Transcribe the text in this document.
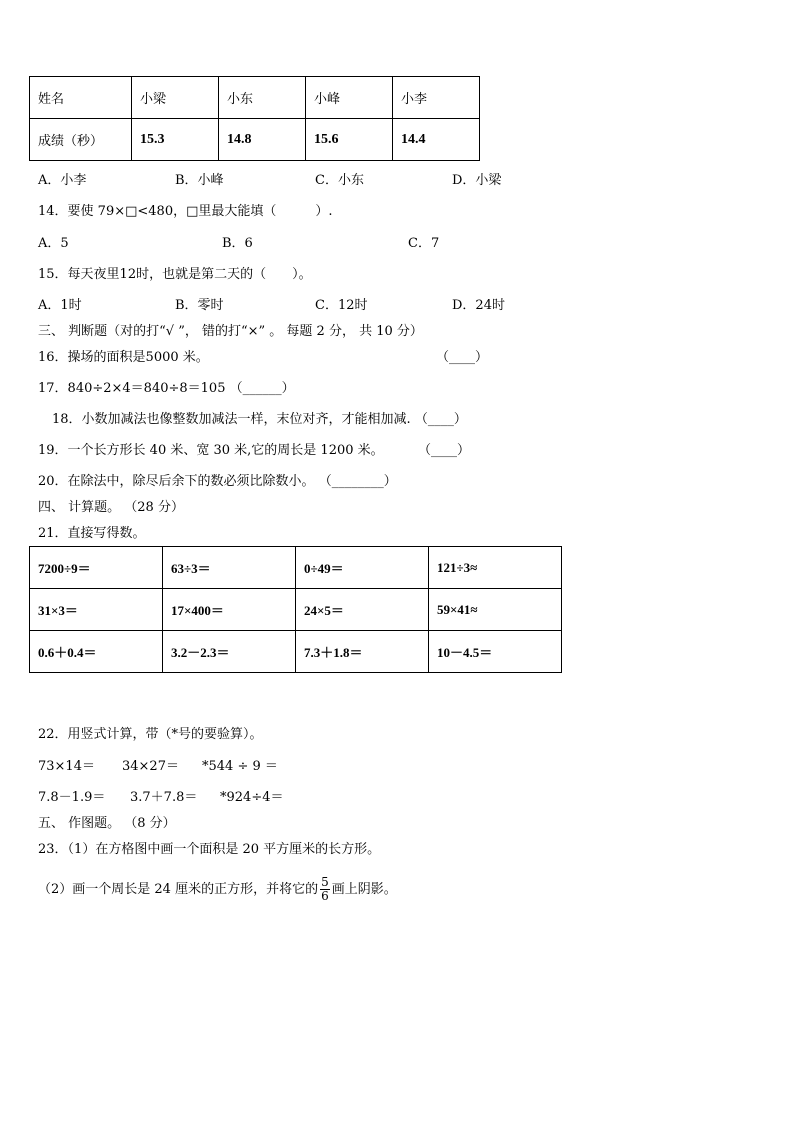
姓名	小梁	小东	小峰	小李
成绩（秒）	15.3	14.8	15.6	14.4
A．小李	B．小峰	C．小东	D．小梁
14．要使 79×□<480，□里最大能填（　　　）.
A．5	B．6	C．7
15．每天夜里12时，也就是第二天的（　　）。
A．1时	B．零时	C．12时	D．24时
三、 判断题（对的打“√ ”， 错的打“×” 。 每题 2 分， 共 10 分）
16．操场的面积是5000 米。	（____）
17．840÷2×4＝840÷8＝105 （______）
18．小数加减法也像整数加减法一样，末位对齐，才能相加减. （____）
19．一个长方形长 40 米、宽 30 米,它的周长是 1200 米。	（____）
20．在除法中，除尽后余下的数必须比除数小。 （________）
四、 计算题。 （28 分）
21．直接写得数。
7200÷9＝	63÷3＝	0÷49＝	121÷3≈
31×3＝	17×400＝	24×5＝	59×41≈
0.6＋0.4＝	3.2－2.3＝	7.3＋1.8＝	10－4.5＝
22．用竖式计算，带（*号的要验算）。
73×14＝ 34×27＝ *544 ÷ 9 ＝
7.8－1.9＝ 3.7＋7.8＝ *924÷4＝
五、 作图题。 （8 分）
23．（1）在方格图中画一个面积是 20 平方厘米的长方形。
（2）画一个周长是 24 厘米的正方形，并将它的 $\frac{5}{6}$ 画上阴影。
